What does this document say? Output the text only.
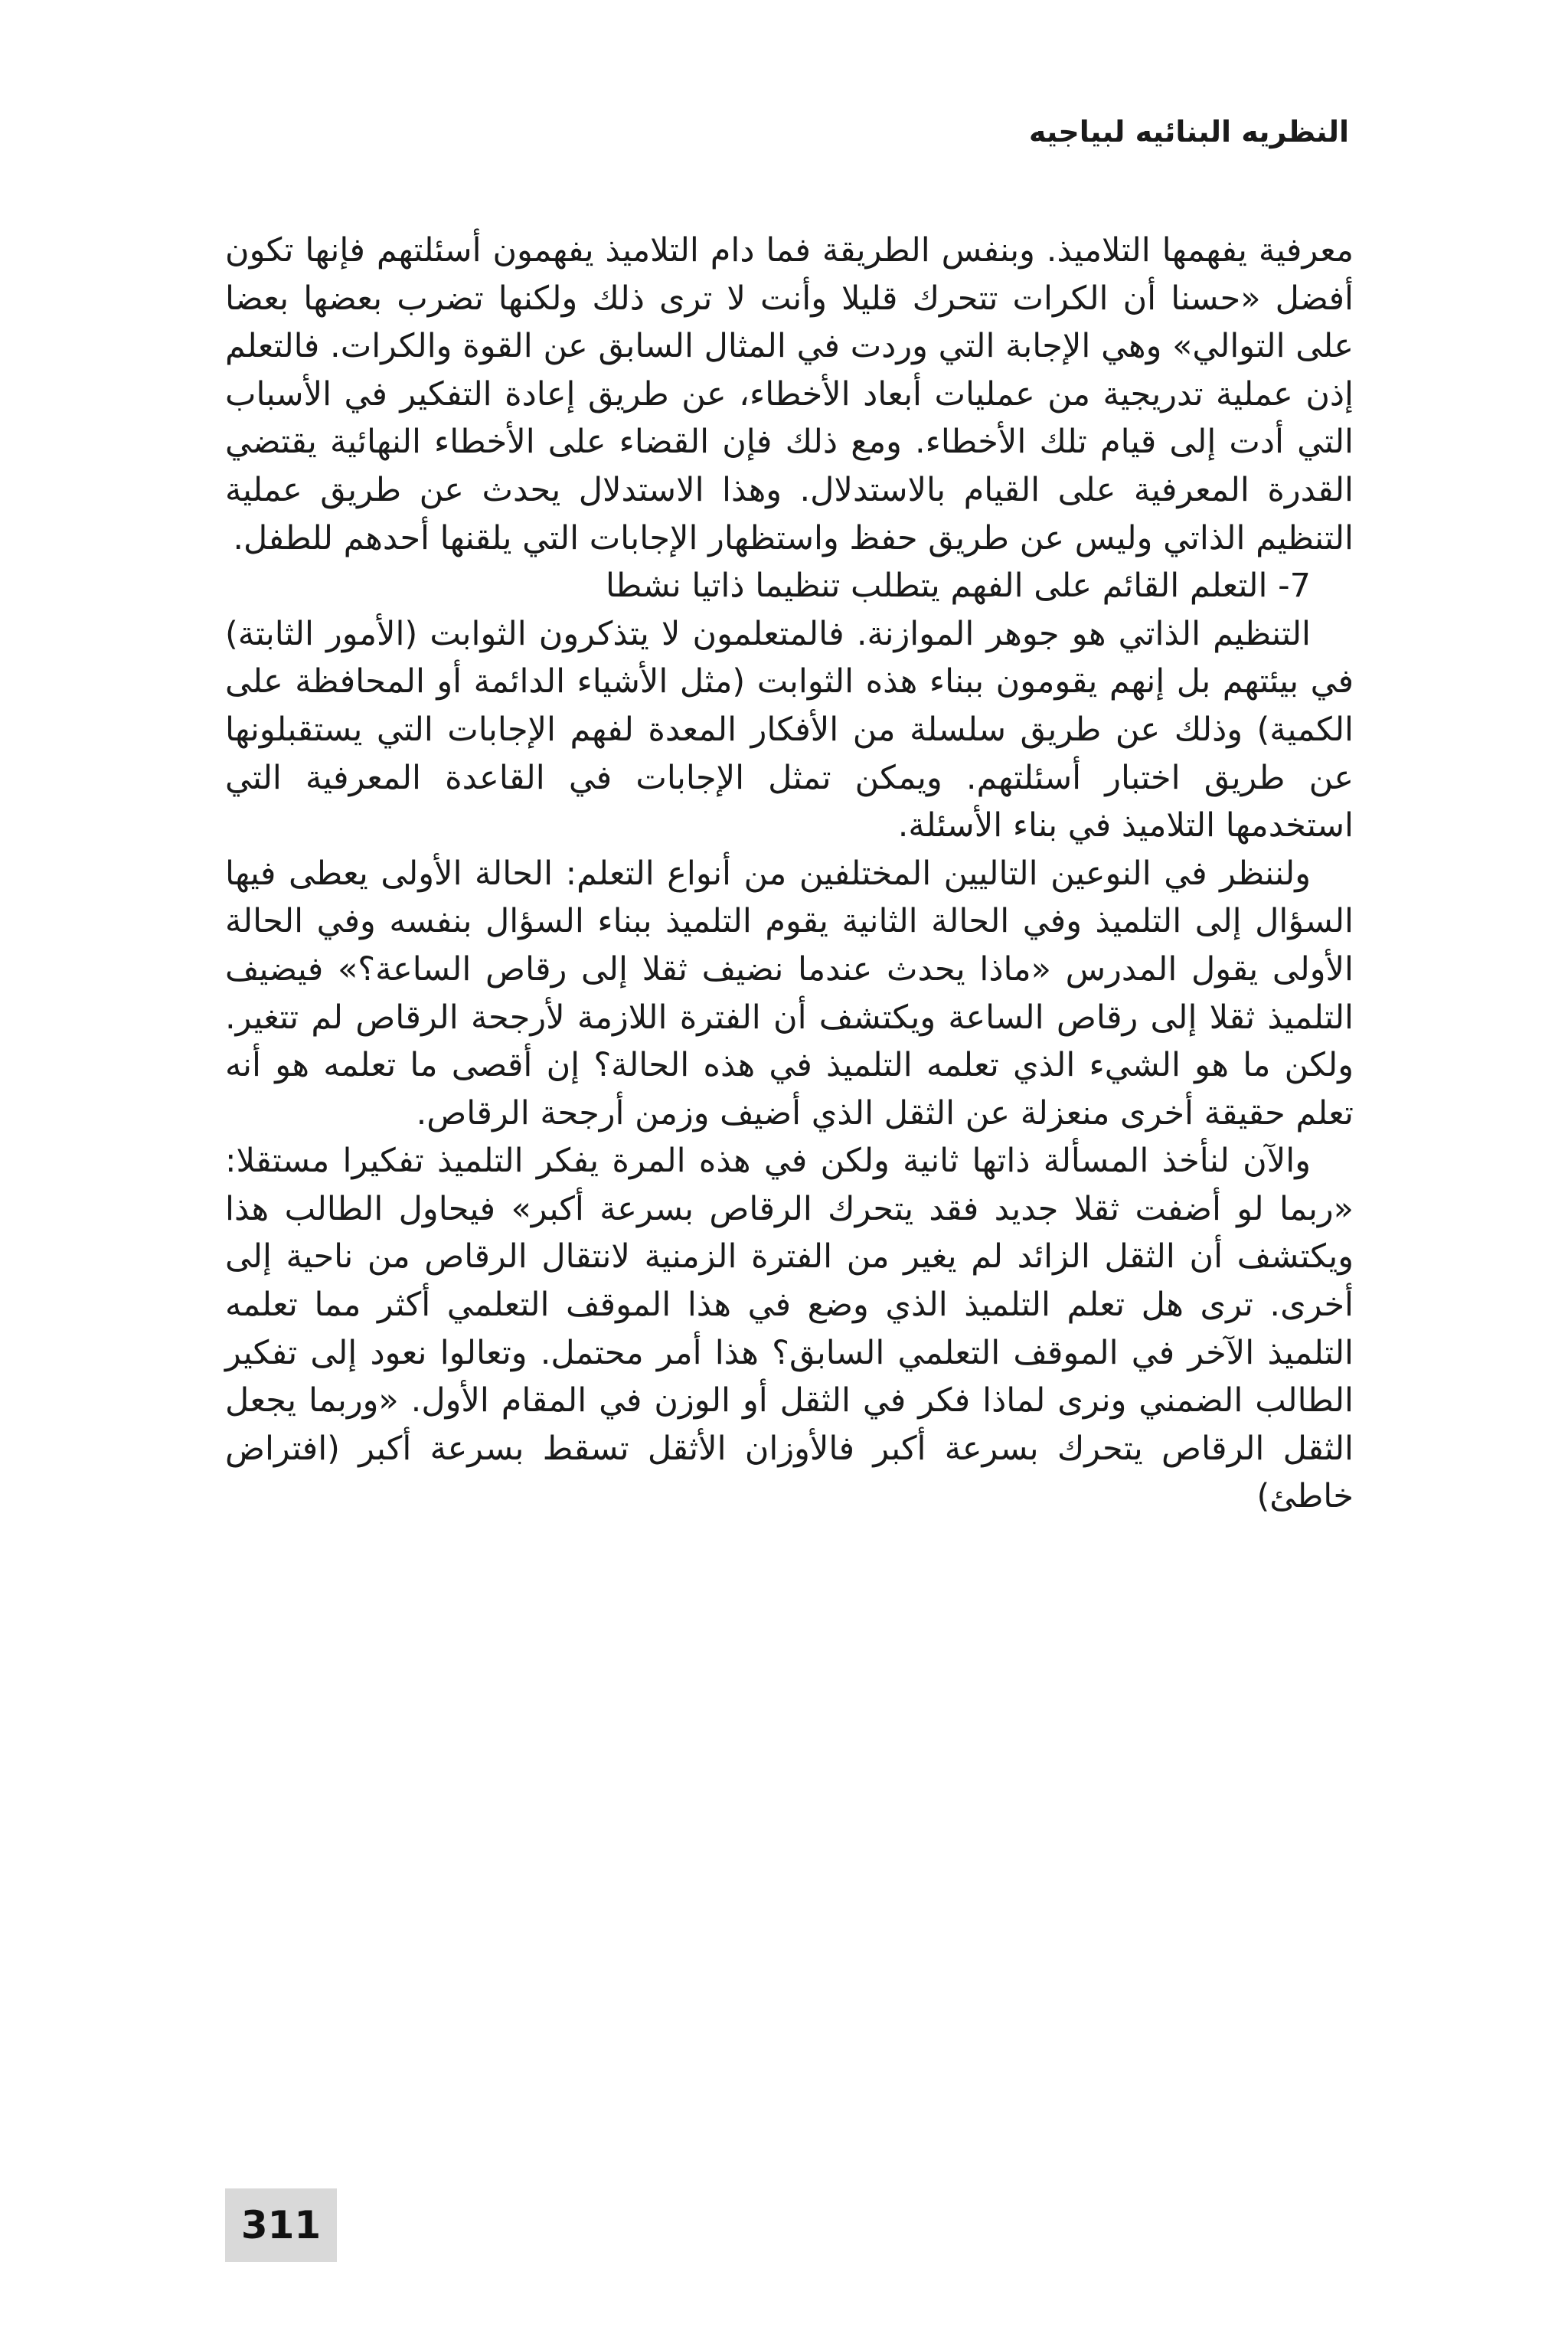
النظريه البنائيه لبياجيه

معرفية يفهمها التلاميذ. وبنفس الطريقة فما دام التلاميذ يفهمون أسئلتهم فإنها تكون أفضل «حسنا أن الكرات تتحرك قليلا وأنت لا ترى ذلك ولكنها تضرب بعضها بعضا على التوالي» وهي الإجابة التي وردت في المثال السابق عن القوة والكرات. فالتعلم إذن عملية تدريجية من عمليات أبعاد الأخطاء، عن طريق إعادة التفكير في الأسباب التي أدت إلى قيام تلك الأخطاء. ومع ذلك فإن القضاء على الأخطاء النهائية يقتضي القدرة المعرفية على القيام بالاستدلال. وهذا الاستدلال يحدث عن طريق عملية التنظيم الذاتي وليس عن طريق حفظ واستظهار الإجابات التي يلقنها أحدهم للطفل.

7- التعلم القائم على الفهم يتطلب تنظيما ذاتيا نشطا

التنظيم الذاتي هو جوهر الموازنة. فالمتعلمون لا يتذكرون الثوابت (الأمور الثابتة) في بيئتهم بل إنهم يقومون ببناء هذه الثوابت (مثل الأشياء الدائمة أو المحافظة على الكمية) وذلك عن طريق سلسلة من الأفكار المعدة لفهم الإجابات التي يستقبلونها عن طريق اختبار أسئلتهم. ويمكن تمثل الإجابات في القاعدة المعرفية التي استخدمها التلاميذ في بناء الأسئلة.

ولننظر في النوعين التاليين المختلفين من أنواع التعلم: الحالة الأولى يعطى فيها السؤال إلى التلميذ وفي الحالة الثانية يقوم التلميذ ببناء السؤال بنفسه وفي الحالة الأولى يقول المدرس «ماذا يحدث عندما نضيف ثقلا إلى رقاص الساعة؟» فيضيف التلميذ ثقلا إلى رقاص الساعة ويكتشف أن الفترة اللازمة لأرجحة الرقاص لم تتغير. ولكن ما هو الشيء الذي تعلمه التلميذ في هذه الحالة؟ إن أقصى ما تعلمه هو أنه تعلم حقيقة أخرى منعزلة عن الثقل الذي أضيف وزمن أرجحة الرقاص.

والآن لنأخذ المسألة ذاتها ثانية ولكن في هذه المرة يفكر التلميذ تفكيرا مستقلا: «ربما لو أضفت ثقلا جديد فقد يتحرك الرقاص بسرعة أكبر» فيحاول الطالب هذا ويكتشف أن الثقل الزائد لم يغير من الفترة الزمنية لانتقال الرقاص من ناحية إلى أخرى. ترى هل تعلم التلميذ الذي وضع في هذا الموقف التعلمي أكثر مما تعلمه التلميذ الآخر في الموقف التعلمي السابق؟ هذا أمر محتمل. وتعالوا نعود إلى تفكير الطالب الضمني ونرى لماذا فكر في الثقل أو الوزن في المقام الأول. «وربما يجعل الثقل الرقاص يتحرك بسرعة أكبر فالأوزان الأثقل تسقط بسرعة أكبر (افتراض خاطئ)

311
